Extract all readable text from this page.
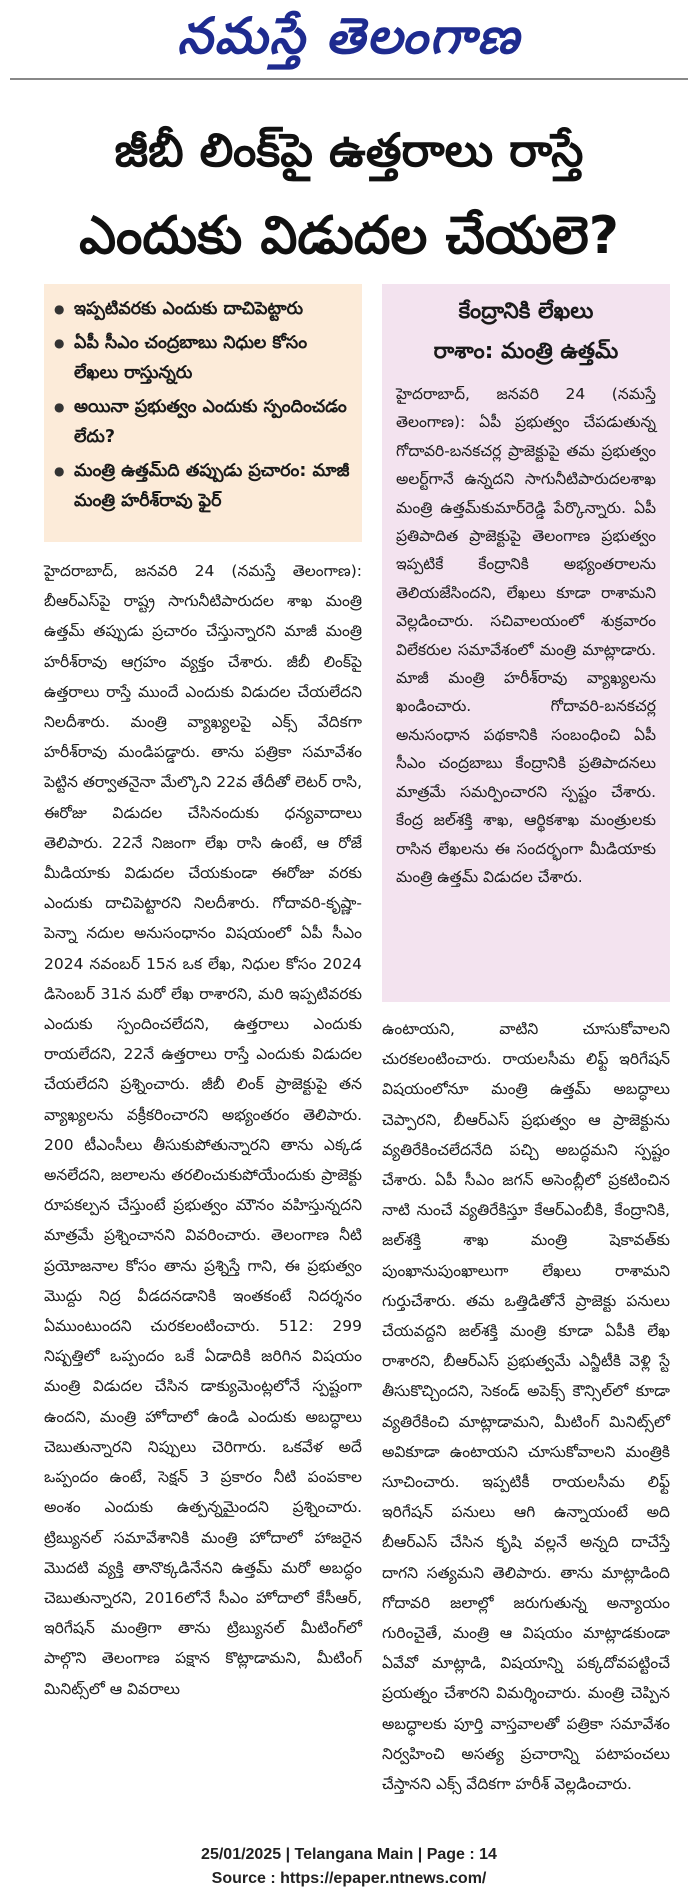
నమస్తే తెలంగాణ
జీబీ లింక్‌పై ఉత్తరాలు రాస్తే
ఎందుకు విడుదల చేయలె?
● ఇప్పటివరకు ఎందుకు దాచిపెట్టారు
● ఏపీ సీఎం చంద్రబాబు నిధుల కోసం లేఖలు రాస్తున్నరు
● అయినా ప్రభుత్వం ఎందుకు స్పందించడం లేదు?
● మంత్రి ఉత్తమ్‌ది తప్పుడు ప్రచారం: మాజీ మంత్రి హరీశ్‌రావు ఫైర్
కేంద్రానికి లేఖలు
రాశాం: మంత్రి ఉత్తమ్
హైదరాబాద్, జనవరి 24 (నమస్తే తెలంగాణ): ఏపీ ప్రభుత్వం చేపడుతున్న గోదావరి-బనకచర్ల ప్రాజెక్టుపై తమ ప్రభుత్వం అలర్ట్‌గానే ఉన్నదని సాగునీటిపారుదలశాఖ మంత్రి ఉత్తమ్‌కుమార్‌రెడ్డి పేర్కొన్నారు. ఏపీ ప్రతిపాదిత ప్రాజెక్టుపై తెలంగాణ ప్రభుత్వం ఇప్పటికే కేంద్రానికి అభ్యంతరాలను తెలియజేసిందని, లేఖలు కూడా రాశామని వెల్లడించారు. సచివాలయంలో శుక్రవారం విలేకరుల సమావేశంలో మంత్రి మాట్లాడారు. మాజీ మంత్రి హరీశ్‌రావు వ్యాఖ్యలను ఖండించారు. గోదావరి-బనకచర్ల అనుసంధాన పథకానికి సంబంధించి ఏపీ సీఎం చంద్రబాబు కేంద్రానికి ప్రతిపాదనలు మాత్రమే సమర్పించారని స్పష్టం చేశారు. కేంద్ర జల్‌శక్తి శాఖ, ఆర్థికశాఖ మంత్రులకు రాసిన లేఖలను ఈ సందర్భంగా మీడియాకు మంత్రి ఉత్తమ్ విడుదల చేశారు.
హైదరాబాద్, జనవరి 24 (నమస్తే తెలంగాణ): బీఆర్‌ఎస్‌పై రాష్ట్ర సాగునీటిపారుదల శాఖ మంత్రి ఉత్తమ్ తప్పుడు ప్రచారం చేస్తున్నారని మాజీ మంత్రి హరీశ్‌రావు ఆగ్రహం వ్యక్తం చేశారు. జీబీ లింక్‌పై ఉత్తరాలు రాస్తే ముందే ఎందుకు విడుదల చేయలేదని నిలదీశారు. మంత్రి వ్యాఖ్యలపై ఎక్స్ వేదికగా హరీశ్‌రావు మండిపడ్డారు. తాను పత్రికా సమావేశం పెట్టిన తర్వాతనైనా మేల్కొని 22వ తేదీతో లెటర్ రాసి, ఈరోజు విడుదల చేసినందుకు ధన్యవాదాలు తెలిపారు. 22నే నిజంగా లేఖ రాసి ఉంటే, ఆ రోజే మీడియాకు విడుదల చేయకుండా ఈరోజు వరకు ఎందుకు దాచిపెట్టారని నిలదీశారు. గోదావరి-కృష్ణా-పెన్నా నదుల అనుసంధానం విషయంలో ఏపీ సీఎం 2024 నవంబర్ 15న ఒక లేఖ, నిధుల కోసం 2024 డిసెంబర్ 31న మరో లేఖ రాశారని, మరి ఇప్పటివరకు ఎందుకు స్పందించలేదని, ఉత్తరాలు ఎందుకు రాయలేదని, 22నే ఉత్తరాలు రాస్తే ఎందుకు విడుదల చేయలేదని ప్రశ్నించారు. జీబీ లింక్ ప్రాజెక్టుపై తన వ్యాఖ్యలను వక్రీకరించారని అభ్యంతరం తెలిపారు. 200 టీఎంసీలు తీసుకుపోతున్నారని తాను ఎక్కడ అనలేదని, జలాలను తరలించుకుపోయేందుకు ప్రాజెక్టు రూపకల్పన చేస్తుంటే ప్రభుత్వం మౌనం వహిస్తున్నదని మాత్రమే ప్రశ్నించానని వివరించారు. తెలంగాణ నీటి ప్రయోజనాల కోసం తాను ప్రశ్నిస్తే గాని, ఈ ప్రభుత్వం మొద్దు నిద్ర వీడదనడానికి ఇంతకంటే నిదర్శనం ఏముంటుందని చురకలంటించారు. 512: 299 నిష్పత్తిలో ఒప్పందం ఒకే ఏడాదికి జరిగిన విషయం మంత్రి విడుదల చేసిన డాక్యుమెంట్లలోనే స్పష్టంగా ఉందని, మంత్రి హోదాలో ఉండి ఎందుకు అబద్ధాలు చెబుతున్నారని నిప్పులు చెరిగారు. ఒకవేళ అదే ఒప్పందం ఉంటే, సెక్షన్ 3 ప్రకారం నీటి పంపకాల అంశం ఎందుకు ఉత్పన్నమైందని ప్రశ్నించారు. ట్రిబ్యునల్ సమావేశానికి మంత్రి హోదాలో హాజరైన మొదటి వ్యక్తి తానొక్కడినేనని ఉత్తమ్ మరో అబద్ధం చెబుతున్నారని, 2016లోనే సీఎం హోదాలో కేసీఆర్, ఇరిగేషన్ మంత్రిగా తాను ట్రిబ్యునల్ మీటింగ్‌లో పాల్గొని తెలంగాణ పక్షాన కొట్లాడామని, మీటింగ్ మినిట్స్‌లో ఆ వివరాలు
ఉంటాయని, వాటిని చూసుకోవాలని చురకలంటించారు. రాయలసీమ లిఫ్ట్ ఇరిగేషన్ విషయంలోనూ మంత్రి ఉత్తమ్ అబద్ధాలు చెప్పారని, బీఆర్‌ఎస్ ప్రభుత్వం ఆ ప్రాజెక్టును వ్యతిరేకించలేదనేది పచ్చి అబద్ధమని స్పష్టం చేశారు. ఏపీ సీఎం జగన్ అసెంబ్లీలో ప్రకటించిన నాటి నుంచే వ్యతిరేకిస్తూ కేఆర్‌ఎంబీకి, కేంద్రానికి, జల్‌శక్తి శాఖ మంత్రి షెకావత్‌కు పుంఖానుపుంఖాలుగా లేఖలు రాశామని గుర్తుచేశారు. తమ ఒత్తిడితోనే ప్రాజెక్టు పనులు చేయవద్దని జల్‌శక్తి మంత్రి కూడా ఏపీకి లేఖ రాశారని, బీఆర్‌ఎస్ ప్రభుత్వమే ఎన్జీటీకి వెళ్లి స్టే తీసుకొచ్చిందని, సెకండ్ అపెక్స్ కౌన్సిల్‌లో కూడా వ్యతిరేకించి మాట్లాడామని, మీటింగ్ మినిట్స్‌లో అవికూడా ఉంటాయని చూసుకోవాలని మంత్రికి సూచించారు. ఇప్పటికీ రాయలసీమ లిఫ్ట్ ఇరిగేషన్ పనులు ఆగి ఉన్నాయంటే అది బీఆర్‌ఎస్ చేసిన కృషి వల్లనే అన్నది దాచేస్తే దాగని సత్యమని తెలిపారు. తాను మాట్లాడింది గోదావరి జలాల్లో జరుగుతున్న అన్యాయం గురించైతే, మంత్రి ఆ విషయం మాట్లాడకుండా ఏవేవో మాట్లాడి, విషయాన్ని పక్కదోవపట్టించే ప్రయత్నం చేశారని విమర్శించారు. మంత్రి చెప్పిన అబద్ధాలకు పూర్తి వాస్తవాలతో పత్రికా సమావేశం నిర్వహించి అసత్య ప్రచారాన్ని పటాపంచలు చేస్తానని ఎక్స్ వేదికగా హరీశ్ వెల్లడించారు.
25/01/2025 | Telangana Main | Page : 14
Source : https://epaper.ntnews.com/
